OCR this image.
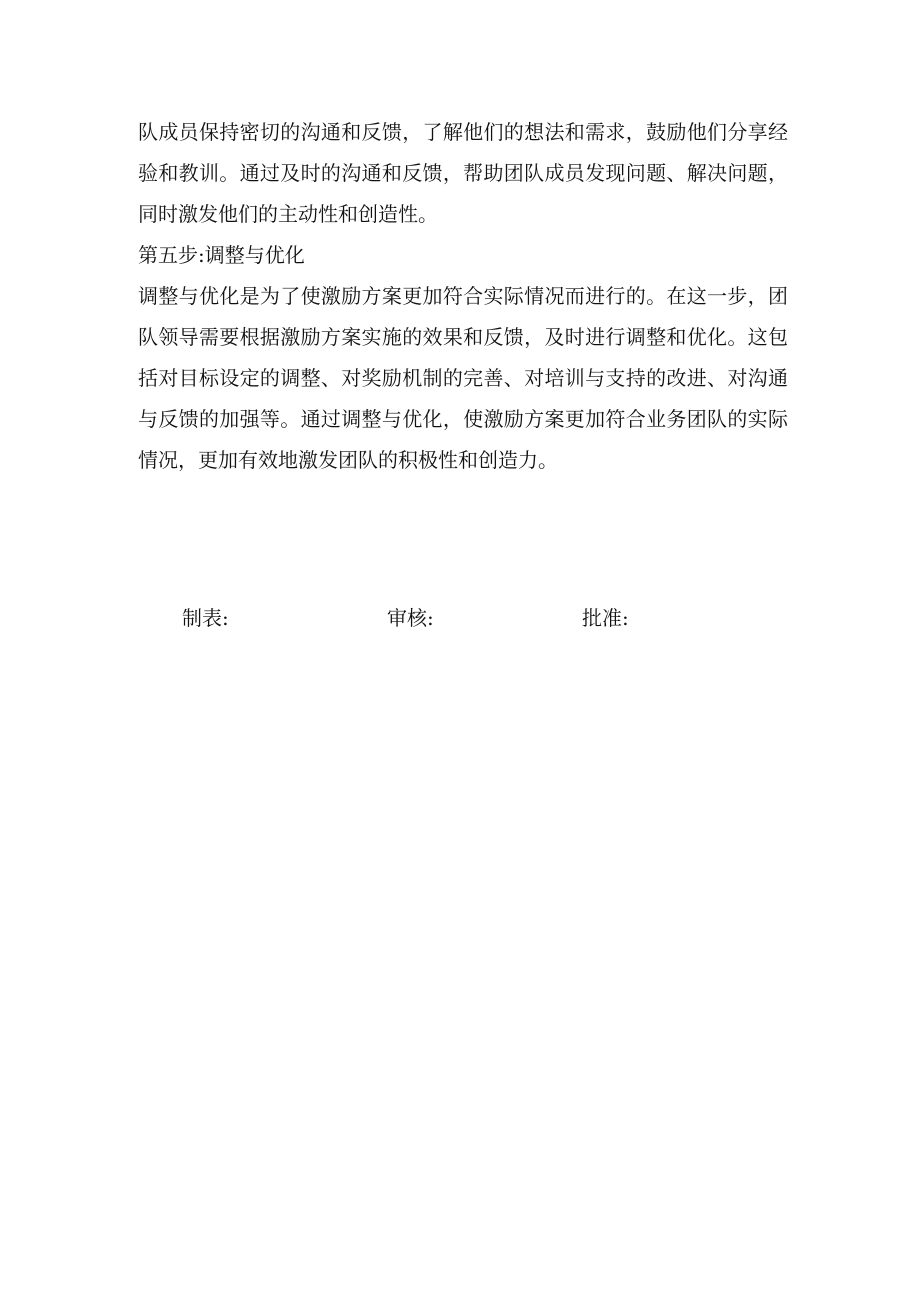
队成员保持密切的沟通和反馈，了解他们的想法和需求，鼓励他们分享经验和教训。通过及时的沟通和反馈，帮助团队成员发现问题、解决问题，同时激发他们的主动性和创造性。

第五步:调整与优化

调整与优化是为了使激励方案更加符合实际情况而进行的。在这一步，团队领导需要根据激励方案实施的效果和反馈，及时进行调整和优化。这包括对目标设定的调整、对奖励机制的完善、对培训与支持的改进、对沟通与反馈的加强等。通过调整与优化，使激励方案更加符合业务团队的实际情况，更加有效地激发团队的积极性和创造力。

制表:	审核:	批准:
